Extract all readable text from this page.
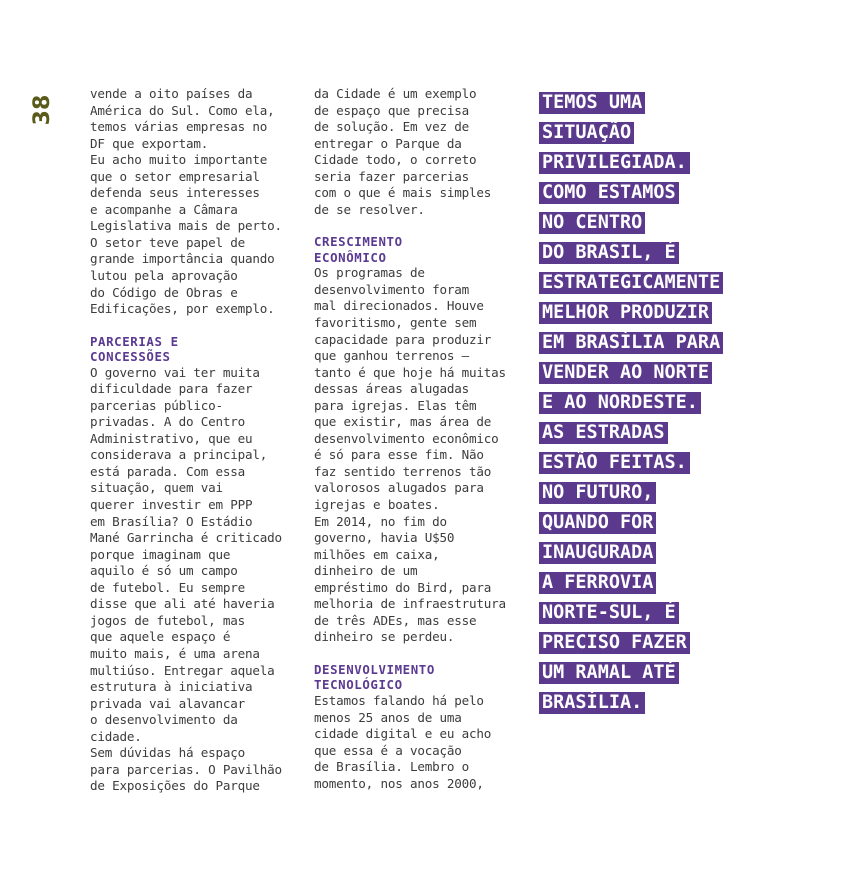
38
vende a oito países da
América do Sul. Como ela,
temos várias empresas no
DF que exportam.
Eu acho muito importante
que o setor empresarial
defenda seus interesses
e acompanhe a Câmara
Legislativa mais de perto.
O setor teve papel de
grande importância quando
lutou pela aprovação
do Código de Obras e
Edificações, por exemplo.
PARCERIAS E
CONCESSÕES
O governo vai ter muita
dificuldade para fazer
parcerias público-
privadas. A do Centro
Administrativo, que eu
considerava a principal,
está parada. Com essa
situação, quem vai
querer investir em PPP
em Brasília? O Estádio
Mané Garrincha é criticado
porque imaginam que
aquilo é só um campo
de futebol. Eu sempre
disse que ali até haveria
jogos de futebol, mas
que aquele espaço é
muito mais, é uma arena
multiúso. Entregar aquela
estrutura à iniciativa
privada vai alavancar
o desenvolvimento da
cidade.
Sem dúvidas há espaço
para parcerias. O Pavilhão
de Exposições do Parque
da Cidade é um exemplo
de espaço que precisa
de solução. Em vez de
entregar o Parque da
Cidade todo, o correto
seria fazer parcerias
com o que é mais simples
de se resolver.
CRESCIMENTO
ECONÔMICO
Os programas de
desenvolvimento foram
mal direcionados. Houve
favoritismo, gente sem
capacidade para produzir
que ganhou terrenos —
tanto é que hoje há muitas
dessas áreas alugadas
para igrejas. Elas têm
que existir, mas área de
desenvolvimento econômico
é só para esse fim. Não
faz sentido terrenos tão
valorosos alugados para
igrejas e boates.
Em 2014, no fim do
governo, havia U$50
milhões em caixa,
dinheiro de um
empréstimo do Bird, para
melhoria de infraestrutura
de três ADEs, mas esse
dinheiro se perdeu.
DESENVOLVIMENTO
TECNOLÓGICO
Estamos falando há pelo
menos 25 anos de uma
cidade digital e eu acho
que essa é a vocação
de Brasília. Lembro o
momento, nos anos 2000,
TEMOS UMA
SITUAÇÃO
PRIVILEGIADA.
COMO ESTAMOS
NO CENTRO
DO BRASIL, É
ESTRATEGICAMENTE
MELHOR PRODUZIR
EM BRASÍLIA PARA
VENDER AO NORTE
E AO NORDESTE.
AS ESTRADAS
ESTÃO FEITAS.
NO FUTURO,
QUANDO FOR
INAUGURADA
A FERROVIA
NORTE-SUL, É
PRECISO FAZER
UM RAMAL ATÉ
BRASÍLIA.
